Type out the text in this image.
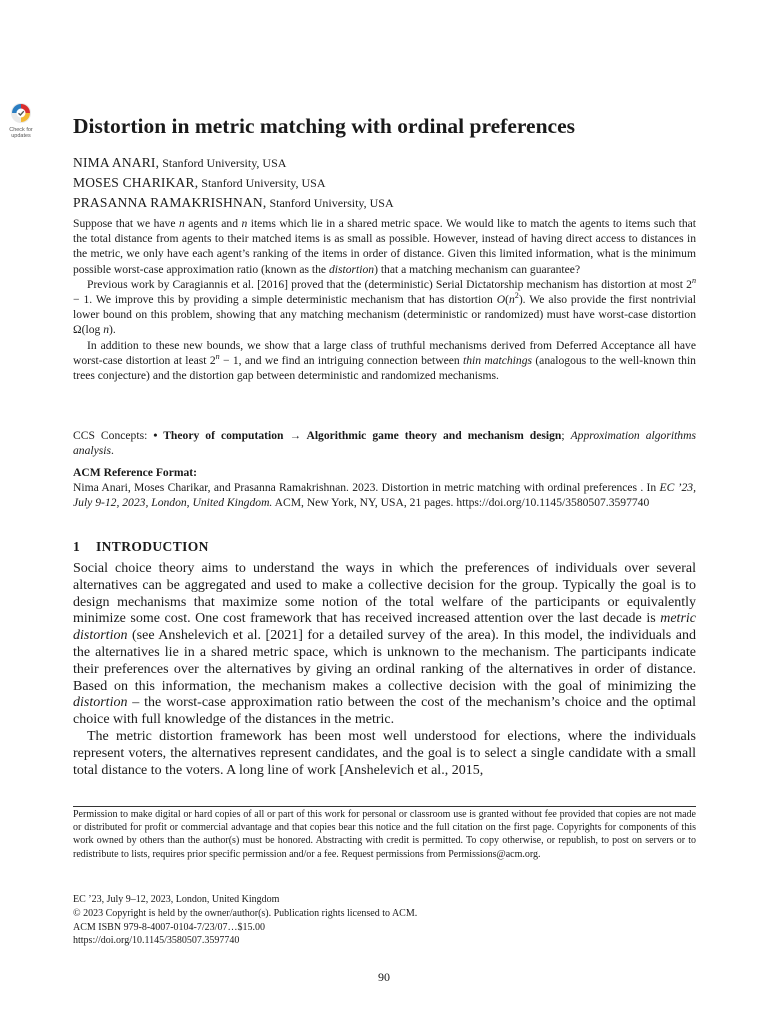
Check for updates	Distortion in metric matching with ordinal preferences
NIMA ANARI, Stanford University, USA
MOSES CHARIKAR, Stanford University, USA
PRASANNA RAMAKRISHNAN, Stanford University, USA

Suppose that we have n agents and n items which lie in a shared metric space. We would like to match the agents to items such that the total distance from agents to their matched items is as small as possible. However, instead of having direct access to distances in the metric, we only have each agent’s ranking of the items in order of distance. Given this limited information, what is the minimum possible worst-case approximation ratio (known as the distortion) that a matching mechanism can guarantee?

Previous work by Caragiannis et al. [2016] proved that the (deterministic) Serial Dictatorship mechanism has distortion at most $2^n - 1$. We improve this by providing a simple deterministic mechanism that has distortion $O(n^2)$. We also provide the first nontrivial lower bound on this problem, showing that any matching mechanism (deterministic or randomized) must have worst-case distortion Ω(log n).

In addition to these new bounds, we show that a large class of truthful mechanisms derived from Deferred Acceptance all have worst-case distortion at least $2^n - 1$, and we find an intriguing connection between thin matchings (analogous to the well-known thin trees conjecture) and the distortion gap between deterministic and randomized mechanisms.

CCS Concepts: • Theory of computation → Algorithmic game theory and mechanism design; Approximation algorithms analysis.

ACM Reference Format:

Nima Anari, Moses Charikar, and Prasanna Ramakrishnan. 2023. Distortion in metric matching with ordinal preferences . In EC ’23, July 9-12, 2023, London, United Kingdom. ACM, New York, NY, USA, 21 pages. https://doi.org/10.1145/3580507.3597740

1 INTRODUCTION

Social choice theory aims to understand the ways in which the preferences of individuals over several alternatives can be aggregated and used to make a collective decision for the group. Typically the goal is to design mechanisms that maximize some notion of the total welfare of the participants or equivalently minimize some cost. One cost framework that has received increased attention over the last decade is metric distortion (see Anshelevich et al. [2021] for a detailed survey of the area). In this model, the individuals and the alternatives lie in a shared metric space, which is unknown to the mechanism. The participants indicate their preferences over the alternatives by giving an ordinal ranking of the alternatives in order of distance. Based on this information, the mechanism makes a collective decision with the goal of minimizing the distortion – the worst-case approximation ratio between the cost of the mechanism’s choice and the optimal choice with full knowledge of the distances in the metric.

The metric distortion framework has been most well understood for elections, where the individuals represent voters, the alternatives represent candidates, and the goal is to select a single candidate with a small total distance to the voters. A long line of work [Anshelevich et al., 2015,

Permission to make digital or hard copies of all or part of this work for personal or classroom use is granted without fee provided that copies are not made or distributed for profit or commercial advantage and that copies bear this notice and the full citation on the first page. Copyrights for components of this work owned by others than the author(s) must be honored. Abstracting with credit is permitted. To copy otherwise, or republish, to post on servers or to redistribute to lists, requires prior specific permission and/or a fee. Request permissions from Permissions@acm.org.

EC ’23, July 9–12, 2023, London, United Kingdom
© 2023 Copyright is held by the owner/author(s). Publication rights licensed to ACM.
ACM ISBN 979-8-4007-0104-7/23/07…$15.00
https://doi.org/10.1145/3580507.3597740
90
